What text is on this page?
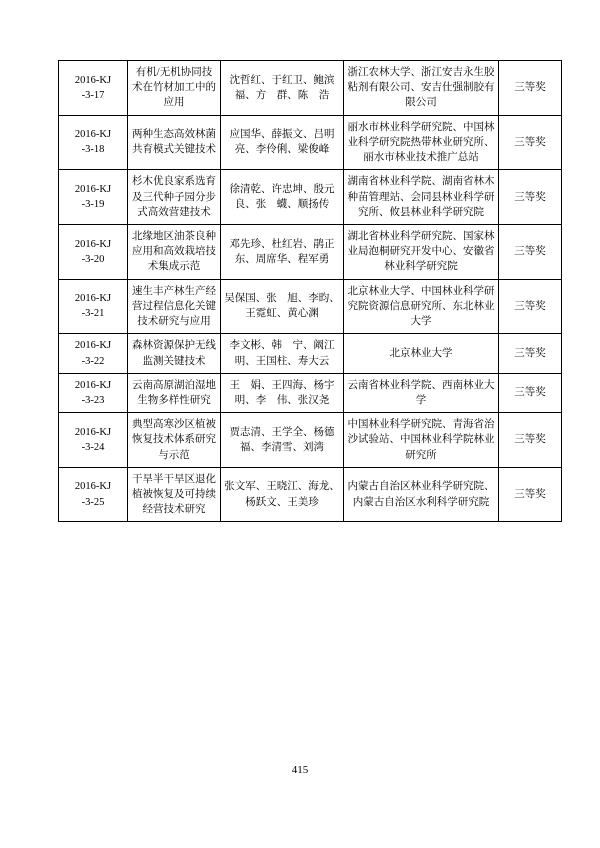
2016-KJ
-3-17	有机/无机协同技术在竹材加工中的应用	沈哲红、于红卫、鲍滨福、方　群、陈　浩	浙江农林大学、浙江安吉永生胶粘剂有限公司、安吉仕强制胶有限公司	三等奖

2016-KJ
-3-18	两种生态高效林菌共育模式关键技术	应国华、薛振文、吕明亮、李伶俐、梁俊峰	丽水市林业科学研究院、中国林业科学研究院热带林业研究所、丽水市林业技术推广总站	三等奖

2016-KJ
-3-19	杉木优良家系选育及三代种子园分步式高效营建技术	徐清乾、许忠坤、殷元良、张　蠛、顺扬传	湖南省林业科学院、湖南省林木种苗管理站、会同县林业科学研究所、攸县林业科学研究院	三等奖

2016-KJ
-3-20	北缘地区油茶良种应用和高效栽培技术集成示范	邓先珍、杜红岩、鹃正东、周席华、程军勇	湖北省林业科学研究院、国家林业局泡桐研究开发中心、安徽省林业科学研究院	三等奖

2016-KJ
-3-21	速生丰产林生产经营过程信息化关键技术研究与应用	吴保国、张　旭、李昀、王霓虹、黄心渊	北京林业大学、中国林业科学研究院资源信息研究所、东北林业大学	三等奖

2016-KJ
-3-22	森林资源保护无线监测关键技术	李文彬、韩　宁、阚江明、王国柱、寿大云	北京林业大学	三等奖

2016-KJ
-3-23	云南高原湖泊湿地生物多样性研究	王　娟、王四海、杨宇明、李　伟、张汉尧	云南省林业科学院、西南林业大学	三等奖

2016-KJ
-3-24	典型高寒沙区植被恢复技术体系研究与示范	贾志清、王学全、杨德福、李清雪、刘湾	中国林业科学研究院、青海省治沙试验站、中国林业科学院林业研究所	三等奖

2016-KJ
-3-25	干旱半干旱区退化植被恢复及可持续经营技术研究	张文军、王晓江、海龙、杨跃文、王美珍	内蒙古自治区林业科学研究院、内蒙古自治区水利科学研究院	三等奖
415
